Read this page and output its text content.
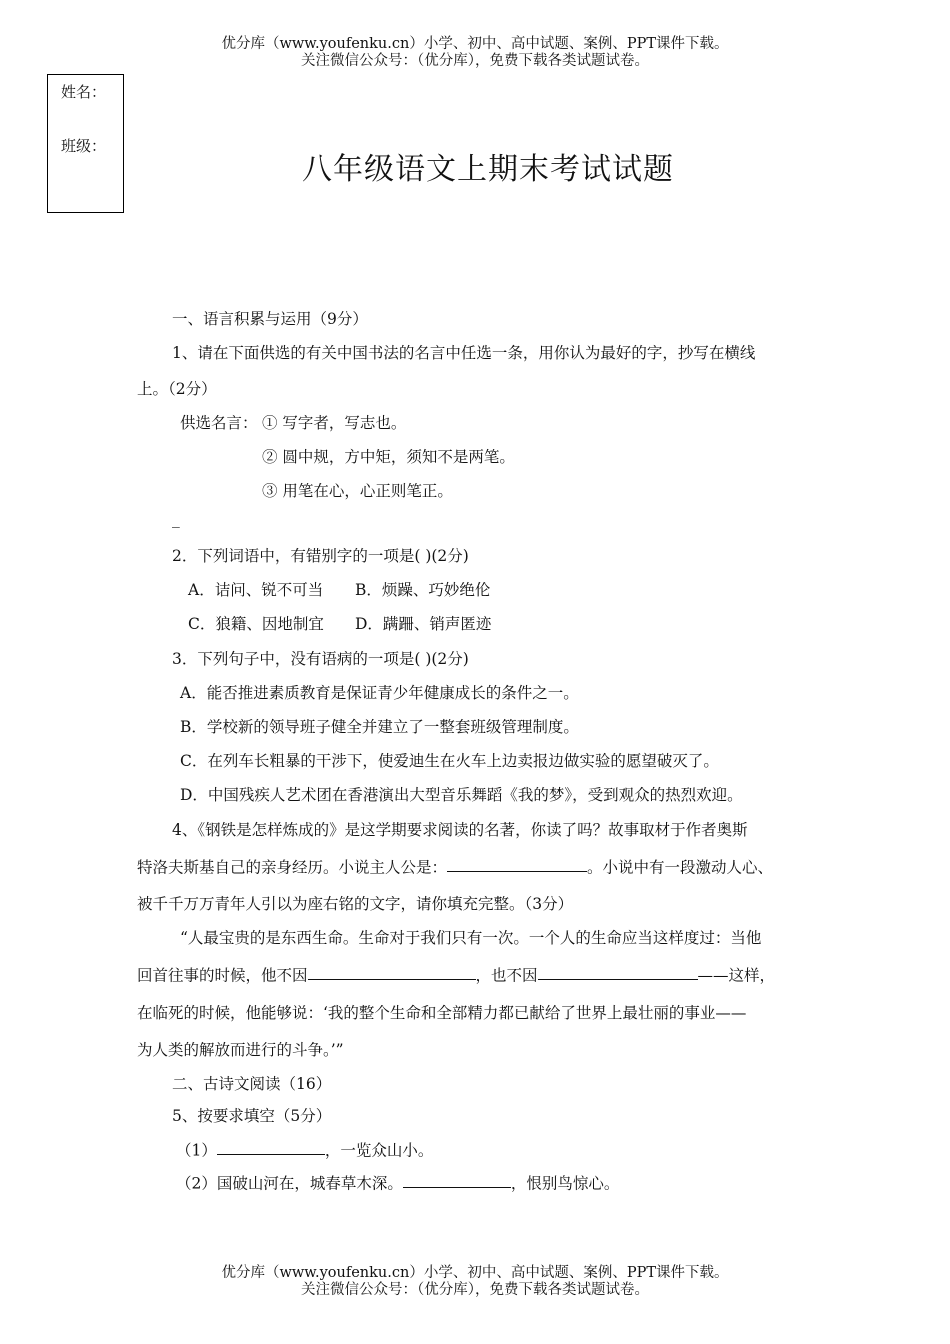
优分库（www.youfenku.cn）小学、初中、高中试题、案例、PPT课件下载。
关注微信公众号：（优分库），免费下载各类试题试卷。
姓名：
班级：
八年级语文上期末考试试题
一、语言积累与运用（9分）
1、请在下面供选的有关中国书法的名言中任选一条，用你认为最好的字，抄写在横线
上。（2分）
供选名言： ① 写字者，写志也。
② 圆中规，方中矩，须知不是两笔。
③ 用笔在心，心正则笔正。
_
2．下列词语中，有错别字的一项是( )(2分)
A．诘问、锐不可当 B．烦躁、巧妙绝伦
C．狼籍、因地制宜 D．蹒跚、销声匿迹
3．下列句子中，没有语病的一项是( )(2分)
A．能否推进素质教育是保证青少年健康成长的条件之一。
B．学校新的领导班子健全并建立了一整套班级管理制度。
C．在列车长粗暴的干涉下，使爱迪生在火车上边卖报边做实验的愿望破灭了。
D．中国残疾人艺术团在香港演出大型音乐舞蹈《我的梦》，受到观众的热烈欢迎。
4、《钢铁是怎样炼成的》是这学期要求阅读的名著，你读了吗？故事取材于作者奥斯
特洛夫斯基自己的亲身经历。小说主人公是：	。小说中有一段激动人心、
被千千万万青年人引以为座右铭的文字，请你填充完整。（3分）
“人最宝贵的是东西生命。生命对于我们只有一次。一个人的生命应当这样度过：当他
回首往事的时候，他不因	，也不因	——这样，
在临死的时候，他能够说：‘我的整个生命和全部精力都已献给了世界上最壮丽的事业——
为人类的解放而进行的斗争。’”
二、古诗文阅读（16）
5、按要求填空（5分）
（1）	，一览众山小。
（2）国破山河在，城春草木深。	，恨别鸟惊心。
优分库（www.youfenku.cn）小学、初中、高中试题、案例、PPT课件下载。
关注微信公众号：（优分库），免费下载各类试题试卷。
